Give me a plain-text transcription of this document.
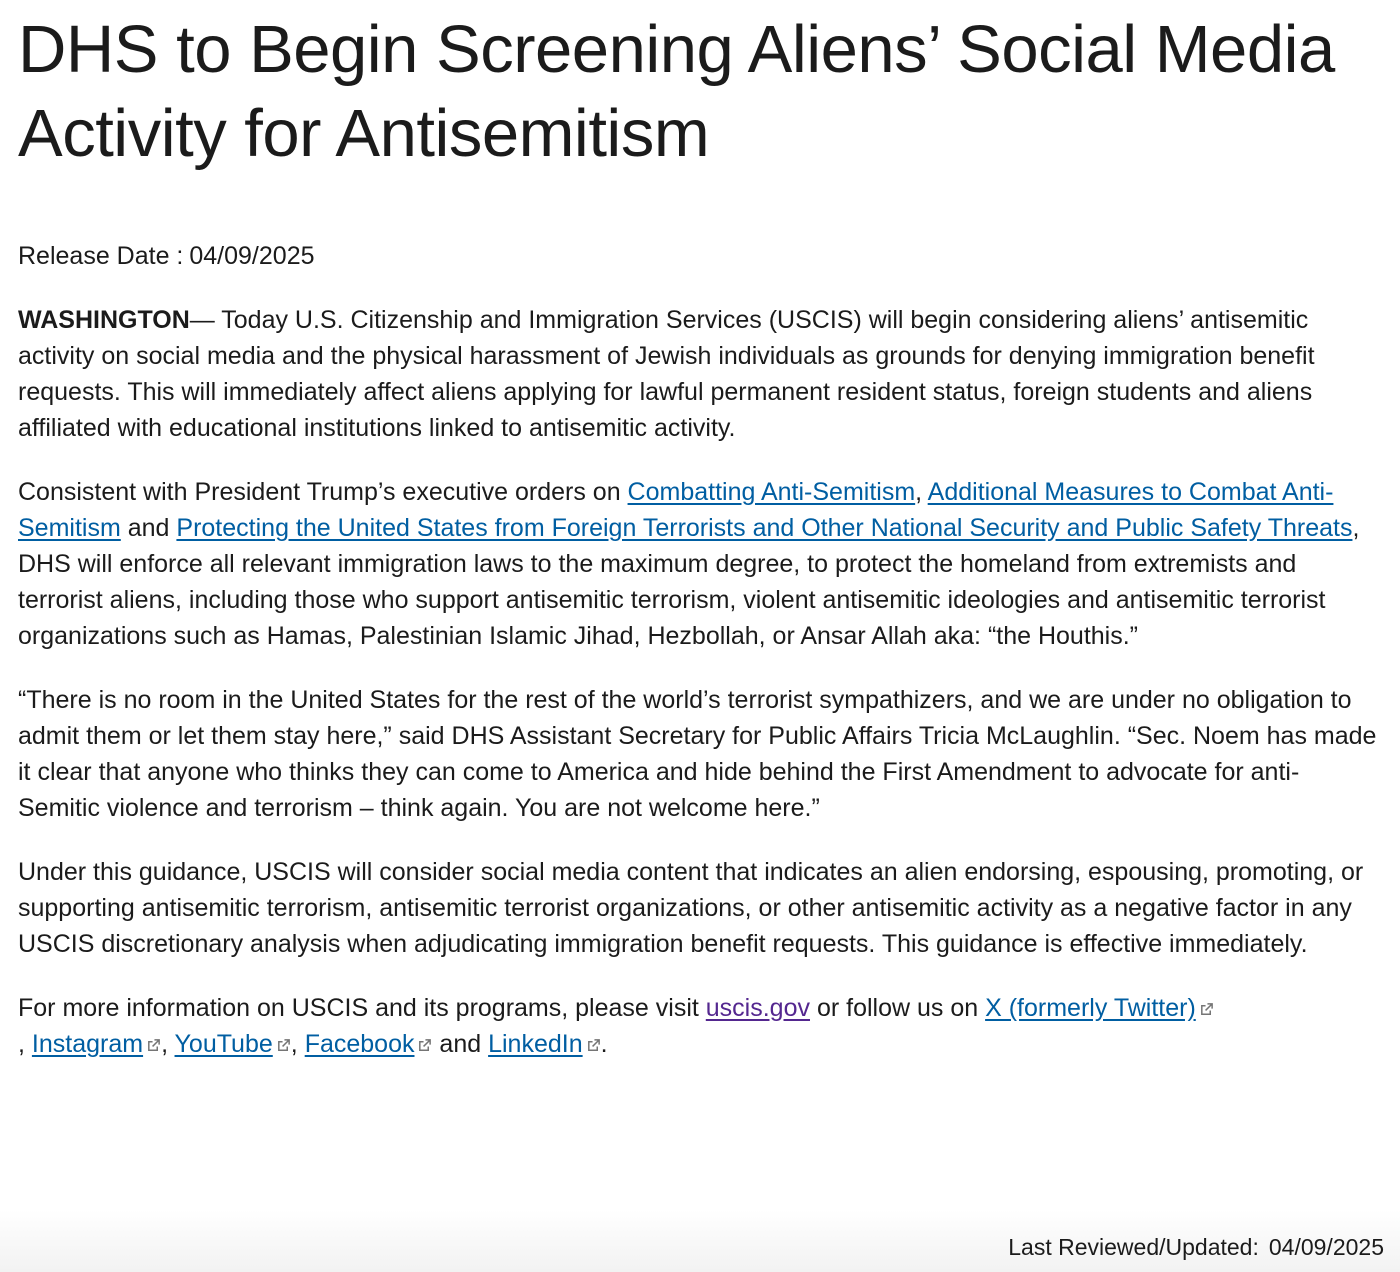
DHS to Begin Screening Aliens’ Social Media Activity for Antisemitism
Release Date : 04/09/2025

WASHINGTON— Today U.S. Citizenship and Immigration Services (USCIS) will begin considering aliens’ antisemitic activity on social media and the physical harassment of Jewish individuals as grounds for denying immigration benefit requests. This will immediately affect aliens applying for lawful permanent resident status, foreign students and aliens affiliated with educational institutions linked to antisemitic activity.

Consistent with President Trump’s executive orders on Combatting Anti-Semitism, Additional Measures to Combat Anti-Semitism and Protecting the United States from Foreign Terrorists and Other National Security and Public Safety Threats, DHS will enforce all relevant immigration laws to the maximum degree, to protect the homeland from extremists and terrorist aliens, including those who support antisemitic terrorism, violent antisemitic ideologies and antisemitic terrorist organizations such as Hamas, Palestinian Islamic Jihad, Hezbollah, or Ansar Allah aka: “the Houthis.”

“There is no room in the United States for the rest of the world’s terrorist sympathizers, and we are under no obligation to admit them or let them stay here,” said DHS Assistant Secretary for Public Affairs Tricia McLaughlin. “Sec. Noem has made it clear that anyone who thinks they can come to America and hide behind the First Amendment to advocate for anti-Semitic violence and terrorism – think again. You are not welcome here.”

Under this guidance, USCIS will consider social media content that indicates an alien endorsing, espousing, promoting, or supporting antisemitic terrorism, antisemitic terrorist organizations, or other antisemitic activity as a negative factor in any USCIS discretionary analysis when adjudicating immigration benefit requests. This guidance is effective immediately.

For more information on USCIS and its programs, please visit uscis.gov or follow us on X (formerly Twitter)
, Instagram , YouTube , Facebook and LinkedIn .

Last Reviewed/Updated: 04/09/2025
